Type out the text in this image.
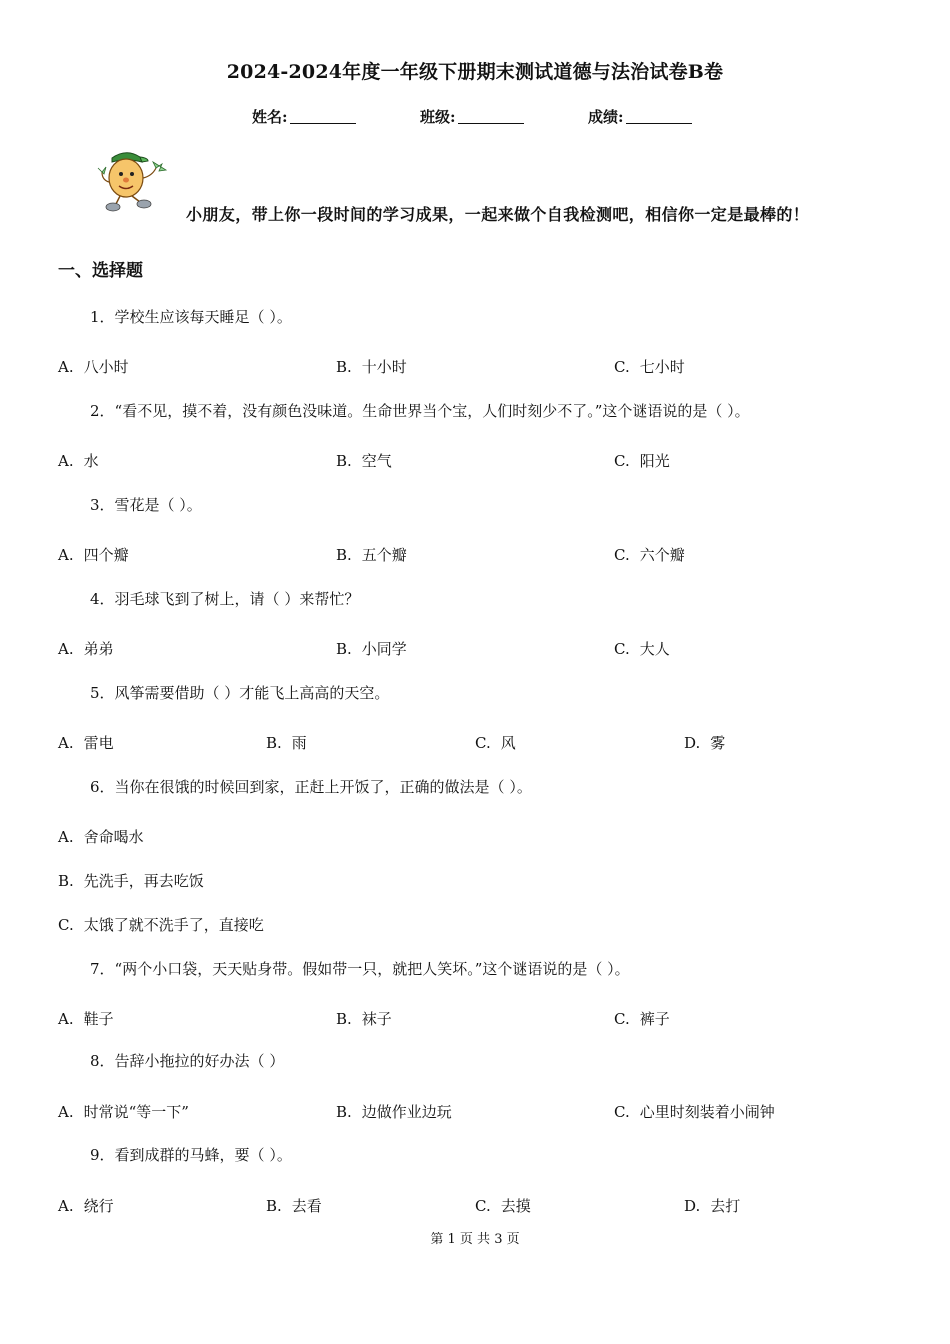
2024-2024年度一年级下册期末测试道德与法治试卷B卷
姓名:	班级:	成绩:
小朋友，带上你一段时间的学习成果，一起来做个自我检测吧，相信你一定是最棒的！
一、选择题
1．学校生应该每天睡足（ ）。
A. 八小时	B. 十小时	C. 七小时
2．“看不见，摸不着，没有颜色没味道。生命世界当个宝，人们时刻少不了。”这个谜语说的是（ ）。
A. 水	B. 空气	C. 阳光
3．雪花是（ ）。
A. 四个瓣	B. 五个瓣	C. 六个瓣
4．羽毛球飞到了树上，请（ ）来帮忙？
A. 弟弟	B. 小同学	C. 大人
5．风筝需要借助（ ）才能飞上高高的天空。
A. 雷电	B. 雨	C. 风	D. 雾
6．当你在很饿的时候回到家，正赶上开饭了，正确的做法是（ ）。
A. 舍命喝水
B. 先洗手，再去吃饭
C. 太饿了就不洗手了，直接吃
7．“两个小口袋，天天贴身带。假如带一只，就把人笑坏。”这个谜语说的是（ ）。
A. 鞋子	B. 袜子	C. 裤子
8．告辞小拖拉的好办法（ ）
A. 时常说“等一下”	B. 边做作业边玩	C. 心里时刻装着小闹钟
9．看到成群的马蜂，要（ ）。
A. 绕行	B. 去看	C. 去摸	D. 去打
第 1 页 共 3 页
